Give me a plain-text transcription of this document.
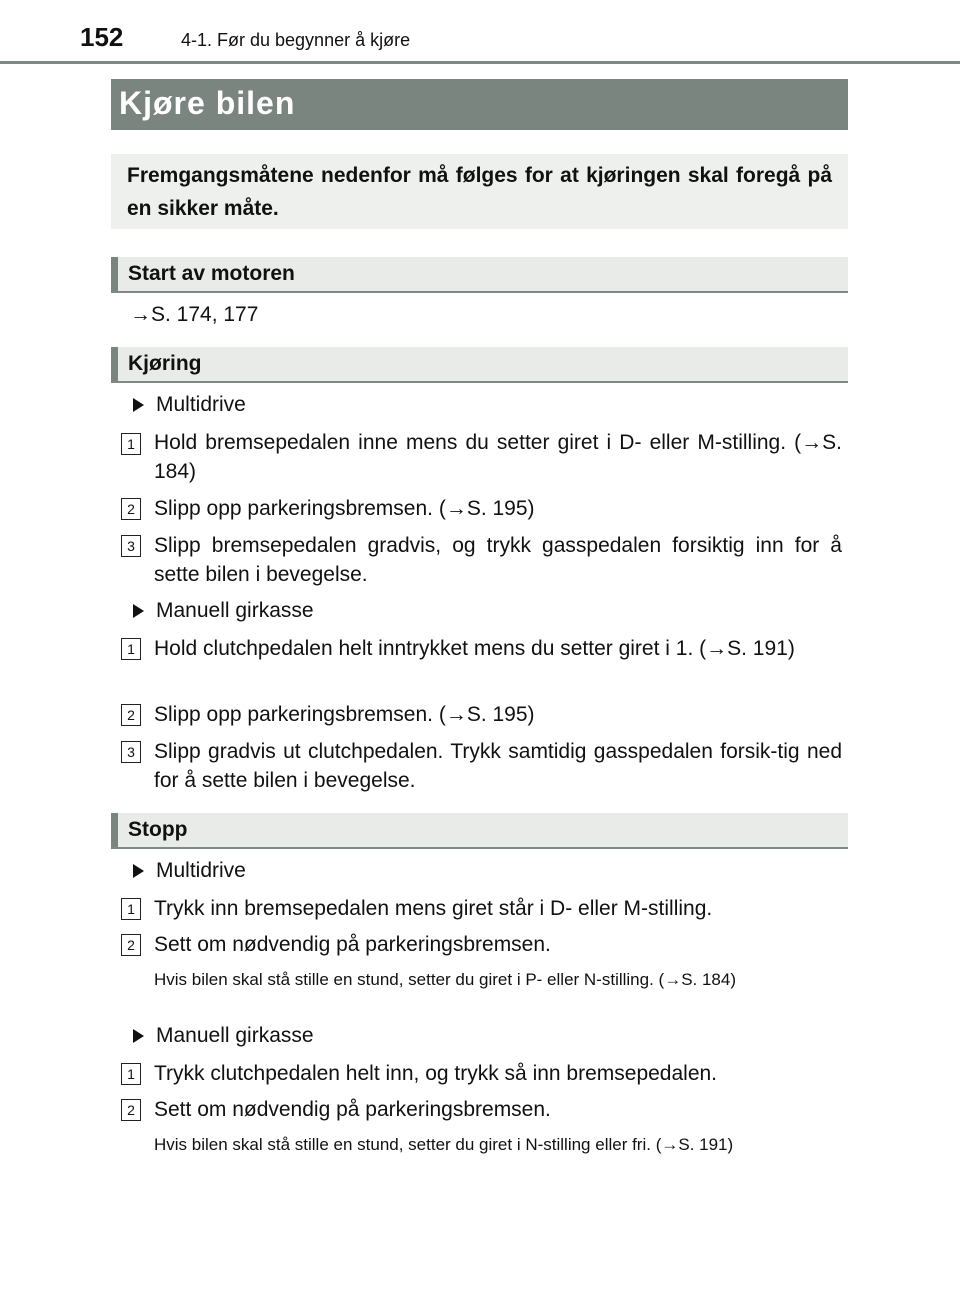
152	4-1. Før du begynner å kjøre
Kjøre bilen

Fremgangsmåtene nedenfor må følges for at kjøringen skal foregå på en sikker måte.

Start av motoren
→S. 174, 177
Kjøring
Multidrive
1 Hold bremsepedalen inne mens du setter giret i D- eller M-stilling. (→S. 184)
2 Slipp opp parkeringsbremsen. (→S. 195)
3 Slipp bremsepedalen gradvis, og trykk gasspedalen forsiktig inn for å sette bilen i bevegelse.
Manuell girkasse
1 Hold clutchpedalen helt inntrykket mens du setter giret i 1. (→S. 191)
2 Slipp opp parkeringsbremsen. (→S. 195)
3 Slipp gradvis ut clutchpedalen. Trykk samtidig gasspedalen forsik-tig ned for å sette bilen i bevegelse.
Stopp
Multidrive
1 Trykk inn bremsepedalen mens giret står i D- eller M-stilling.
2 Sett om nødvendig på parkeringsbremsen.
Hvis bilen skal stå stille en stund, setter du giret i P- eller N-stilling. (→S. 184)
Manuell girkasse
1 Trykk clutchpedalen helt inn, og trykk så inn bremsepedalen.
2 Sett om nødvendig på parkeringsbremsen.
Hvis bilen skal stå stille en stund, setter du giret i N-stilling eller fri. (→S. 191)
